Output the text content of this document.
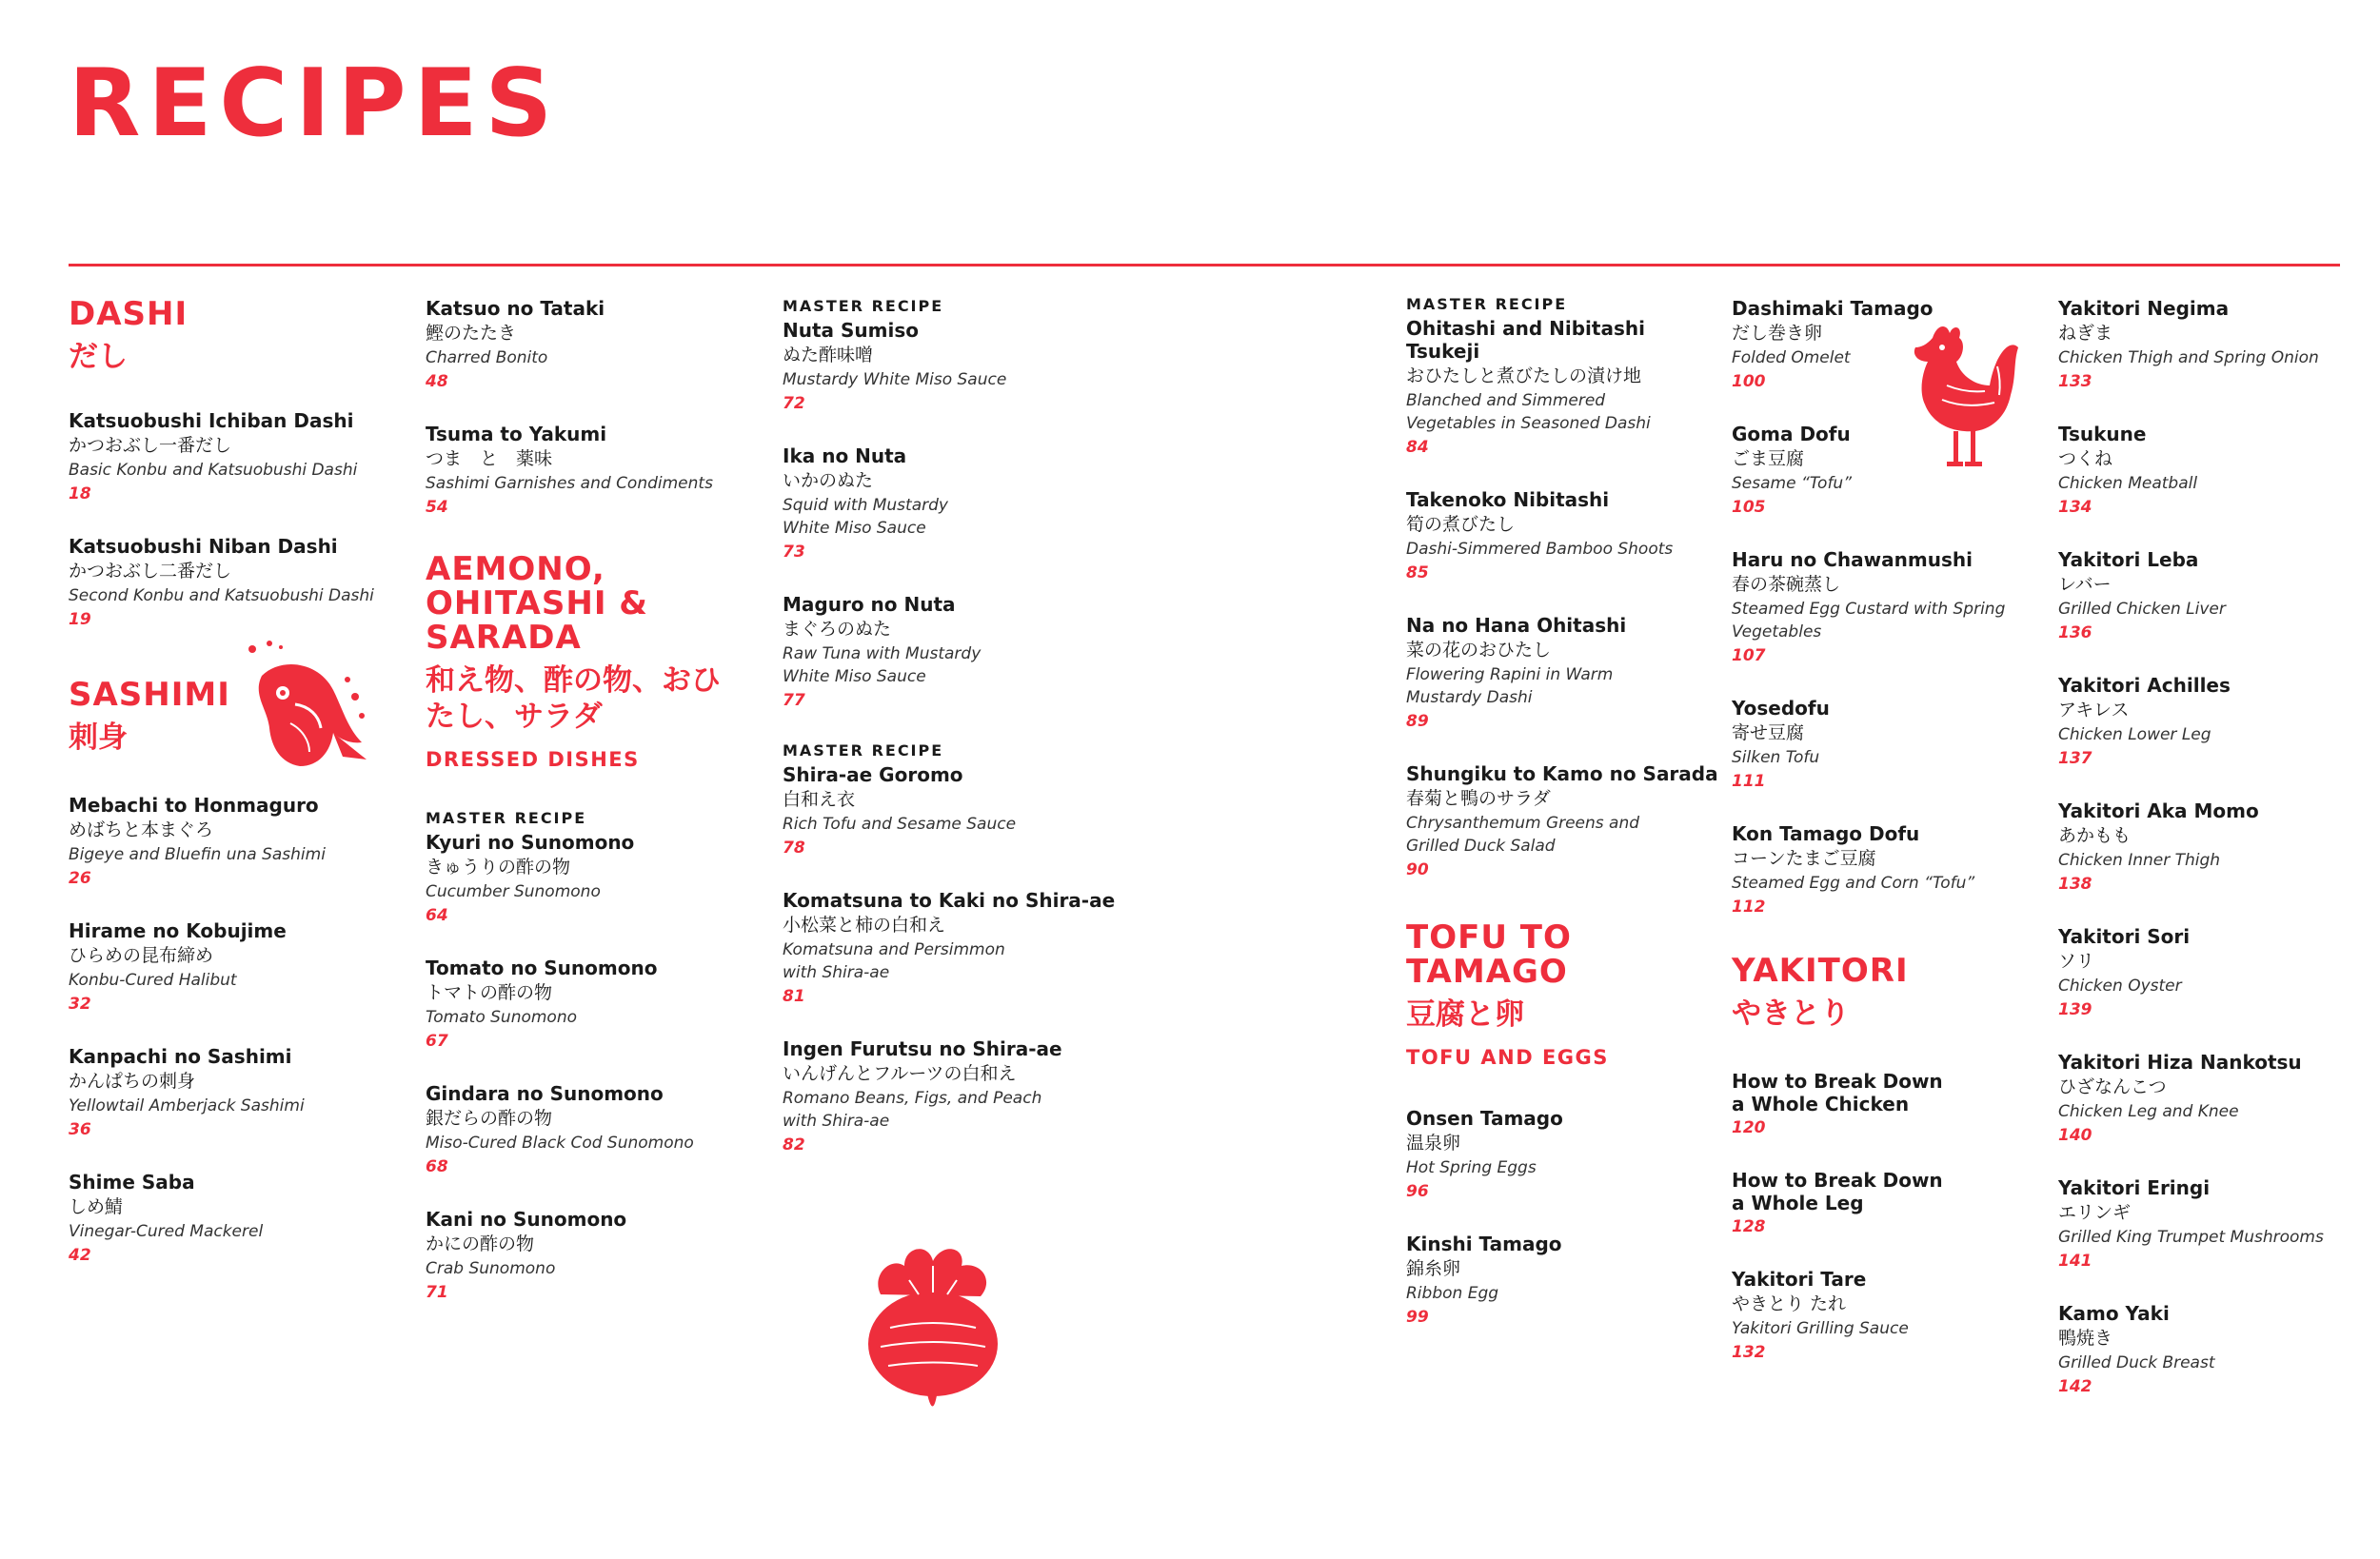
RECIPES
DASHI
だし
Katsuobushi Ichiban Dashi
かつおぶし一番だし
Basic Konbu and Katsuobushi Dashi
18
Katsuobushi Niban Dashi
かつおぶし二番だし
Second Konbu and Katsuobushi Dashi
19
SASHIMI
刺身
Mebachi to Honmaguro
めばちと本まぐろ
Bigeye and Bluefin una Sashimi
26
Hirame no Kobujime
ひらめの昆布締め
Konbu-Cured Halibut
32
Kanpachi no Sashimi
かんぱちの刺身
Yellowtail Amberjack Sashimi
36
Shime Saba
しめ鯖
Vinegar-Cured Mackerel
42
Katsuo no Tataki
鰹のたたき
Charred Bonito
48
Tsuma to Yakumi
つま　と　薬味
Sashimi Garnishes and Condiments
54
AEMONO,
OHITASHI &
SARADA
和え物、酢の物、おひたし、サラダ
DRESSED DISHES
MASTER RECIPE
Kyuri no Sunomono
きゅうりの酢の物
Cucumber Sunomono
64
Tomato no Sunomono
トマトの酢の物
Tomato Sunomono
67
Gindara no Sunomono
銀だらの酢の物
Miso-Cured Black Cod Sunomono
68
Kani no Sunomono
かにの酢の物
Crab Sunomono
71
MASTER RECIPE
Nuta Sumiso
ぬた酢味噌
Mustardy White Miso Sauce
72
Ika no Nuta
いかのぬた
Squid with Mustardy White Miso Sauce
73
Maguro no Nuta
まぐろのぬた
Raw Tuna with Mustardy White Miso Sauce
77
MASTER RECIPE
Shira-ae Goromo
白和え衣
Rich Tofu and Sesame Sauce
78
Komatsuna to Kaki no Shira-ae
小松菜と柿の白和え
Komatsuna and Persimmon with Shira-ae
81
Ingen Furutsu no Shira-ae
いんげんとフルーツの白和え
Romano Beans, Figs, and Peach with Shira-ae
82
MASTER RECIPE
Ohitashi and Nibitashi Tsukeji
おひたしと煮びたしの漬け地
Blanched and Simmered Vegetables in Seasoned Dashi
84
Takenoko Nibitashi
筍の煮びたし
Dashi-Simmered Bamboo Shoots
85
Na no Hana Ohitashi
菜の花のおひたし
Flowering Rapini in Warm Mustardy Dashi
89
Shungiku to Kamo no Sarada
春菊と鴨のサラダ
Chrysanthemum Greens and Grilled Duck Salad
90
TOFU TO
TAMAGO
豆腐と卵
TOFU AND EGGS
Onsen Tamago
温泉卵
Hot Spring Eggs
96
Kinshi Tamago
錦糸卵
Ribbon Egg
99
Dashimaki Tamago
だし巻き卵
Folded Omelet
100
Goma Dofu
ごま豆腐
Sesame “Tofu”
105
Haru no Chawanmushi
春の茶碗蒸し
Steamed Egg Custard with Spring Vegetables
107
Yosedofu
寄せ豆腐
Silken Tofu
111
Kon Tamago Dofu
コーンたまご豆腐
Steamed Egg and Corn “Tofu”
112
YAKITORI
やきとり
How to Break Down a Whole Chicken
120
How to Break Down a Whole Leg
128
Yakitori Tare
やきとり たれ
Yakitori Grilling Sauce
132
Yakitori Negima
ねぎま
Chicken Thigh and Spring Onion
133
Tsukune
つくね
Chicken Meatball
134
Yakitori Leba
レバー
Grilled Chicken Liver
136
Yakitori Achilles
アキレス
Chicken Lower Leg
137
Yakitori Aka Momo
あかもも
Chicken Inner Thigh
138
Yakitori Sori
ソリ
Chicken Oyster
139
Yakitori Hiza Nankotsu
ひざなんこつ
Chicken Leg and Knee
140
Yakitori Eringi
エリンギ
Grilled King Trumpet Mushrooms
141
Kamo Yaki
鴨焼き
Grilled Duck Breast
142
